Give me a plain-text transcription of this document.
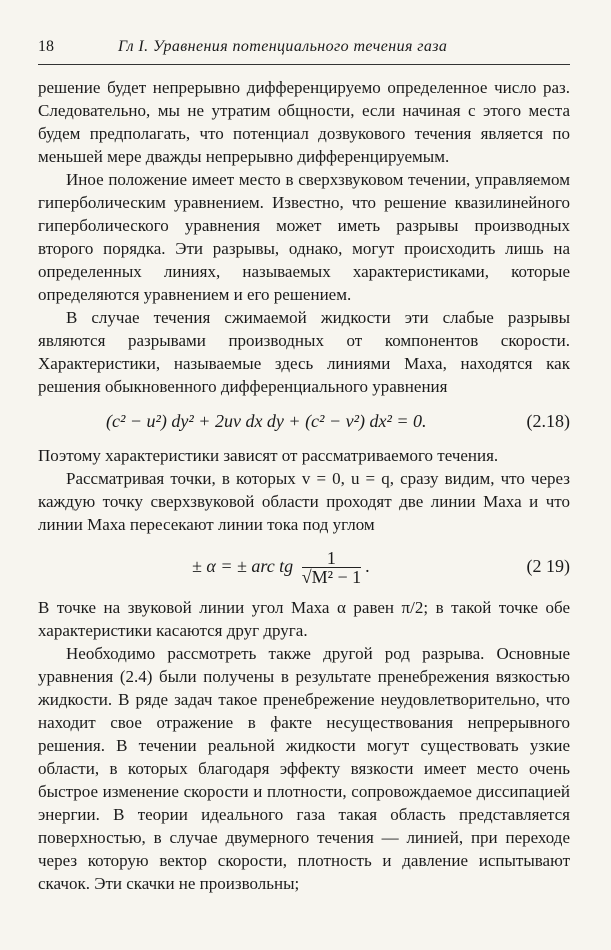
18	Гл I. Уравнения потенциального течения газа

решение будет непрерывно дифференцируемо определенное число раз. Следовательно, мы не утратим общности, если начиная с этого места будем предполагать, что потенциал дозвукового течения является по меньшей мере дважды непрерывно дифференцируемым.

Иное положение имеет место в сверхзвуковом течении, управляемом гиперболическим уравнением. Известно, что решение квазилинейного гиперболического уравнения может иметь разрывы производных второго порядка. Эти разрывы, однако, могут происходить лишь на определенных линиях, называемых характеристиками, которые определяются уравнением и его решением.

В случае течения сжимаемой жидкости эти слабые разрывы являются разрывами производных от компонентов скорости. Характеристики, называемые здесь линиями Маха, находятся как решения обыкновенного дифференциального уравнения

(c² − u²) dy² + 2uv dx dy + (c² − v²) dx² = 0.	(2.18)

Поэтому характеристики зависят от рассматриваемого течения.

Рассматривая точки, в которых v = 0, u = q, сразу видим, что через каждую точку сверхзвуковой области проходят две линии Маха и что линии Маха пересекают линии тока под углом

± α = ± arc tg $\frac{1}{\text{√M² − 1}}$ .	(2 19)

В точке на звуковой линии угол Маха α равен π/2; в такой точке обе характеристики касаются друг друга.

Необходимо рассмотреть также другой род разрыва. Основные уравнения (2.4) были получены в результате пренебрежения вязкостью жидкости. В ряде задач такое пренебрежение неудовлетворительно, что находит свое отражение в факте несуществования непрерывного решения. В течении реальной жидкости могут существовать узкие области, в которых благодаря эффекту вязкости имеет место очень быстрое изменение скорости и плотности, сопровождаемое диссипацией энергии. В теории идеального газа такая область представляется поверхностью, в случае двумерного течения — линией, при переходе через которую вектор скорости, плотность и давление испытывают скачок. Эти скачки не произвольны;
